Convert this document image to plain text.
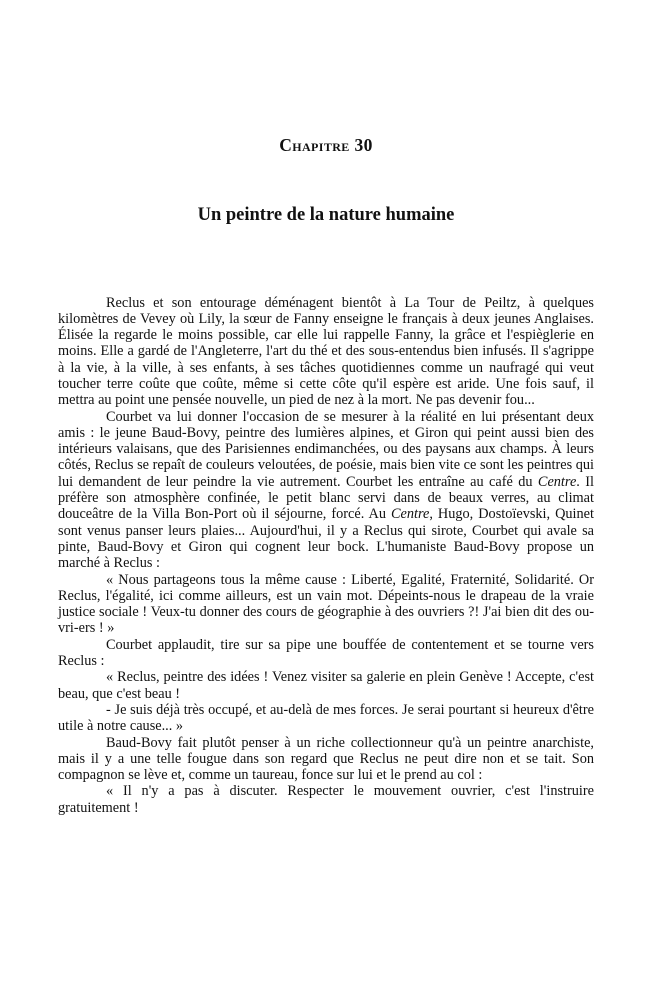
Chapitre 30
Un peintre de la nature humaine

Reclus et son entourage déménagent bientôt à La Tour de Peiltz, à quelques kilomètres de Vevey où Lily, la sœur de Fanny enseigne le français à deux jeunes Anglaises. Élisée la regarde le moins possible, car elle lui rappelle Fanny, la grâce et l'espièglerie en moins. Elle a gardé de l'Angleterre, l'art du thé et des sous-entendus bien infusés. Il s'agrippe à la vie, à la ville, à ses enfants, à ses tâches quotidiennes comme un naufragé qui veut toucher terre coûte que coûte, même si cette côte qu'il espère est aride. Une fois sauf, il mettra au point une pensée nouvelle, un pied de nez à la mort. Ne pas devenir fou...

Courbet va lui donner l'occasion de se mesurer à la réalité en lui présentant deux amis : le jeune Baud-Bovy, peintre des lumières alpines, et Giron qui peint aussi bien des intérieurs valaisans, que des Parisiennes endimanchées, ou des paysans aux champs. À leurs côtés, Reclus se repaît de couleurs veloutées, de poésie, mais bien vite ce sont les peintres qui lui demandent de leur peindre la vie autrement. Courbet les entraîne au café du Centre. Il préfère son atmosphère confinée, le petit blanc servi dans de beaux verres, au climat douceâtre de la Villa Bon-Port où il séjourne, forcé. Au Centre, Hugo, Dostoïevski, Quinet sont venus panser leurs plaies... Aujourd'hui, il y a Reclus qui sirote, Courbet qui avale sa pinte, Baud-Bovy et Giron qui cognent leur bock. L'humaniste Baud-Bovy propose un marché à Reclus :

« Nous partageons tous la même cause : Liberté, Egalité, Fraternité, Solidarité. Or Reclus, l'égalité, ici comme ailleurs, est un vain mot. Dépeints-nous le drapeau de la vraie justice sociale ! Veux-tu donner des cours de géographie à des ouvriers ?! J'ai bien dit des ou-vri-ers ! »

Courbet applaudit, tire sur sa pipe une bouffée de contentement et se tourne vers Reclus :

« Reclus, peintre des idées ! Venez visiter sa galerie en plein Genève ! Accepte, c'est beau, que c'est beau !

- Je suis déjà très occupé, et au-delà de mes forces. Je serai pourtant si heureux d'être utile à notre cause... »

Baud-Bovy fait plutôt penser à un riche collectionneur qu'à un peintre anarchiste, mais il y a une telle fougue dans son regard que Reclus ne peut dire non et se tait. Son compagnon se lève et, comme un taureau, fonce sur lui et le prend au col :

« Il n'y a pas à discuter. Respecter le mouvement ouvrier, c'est l'instruire gratuitement !
